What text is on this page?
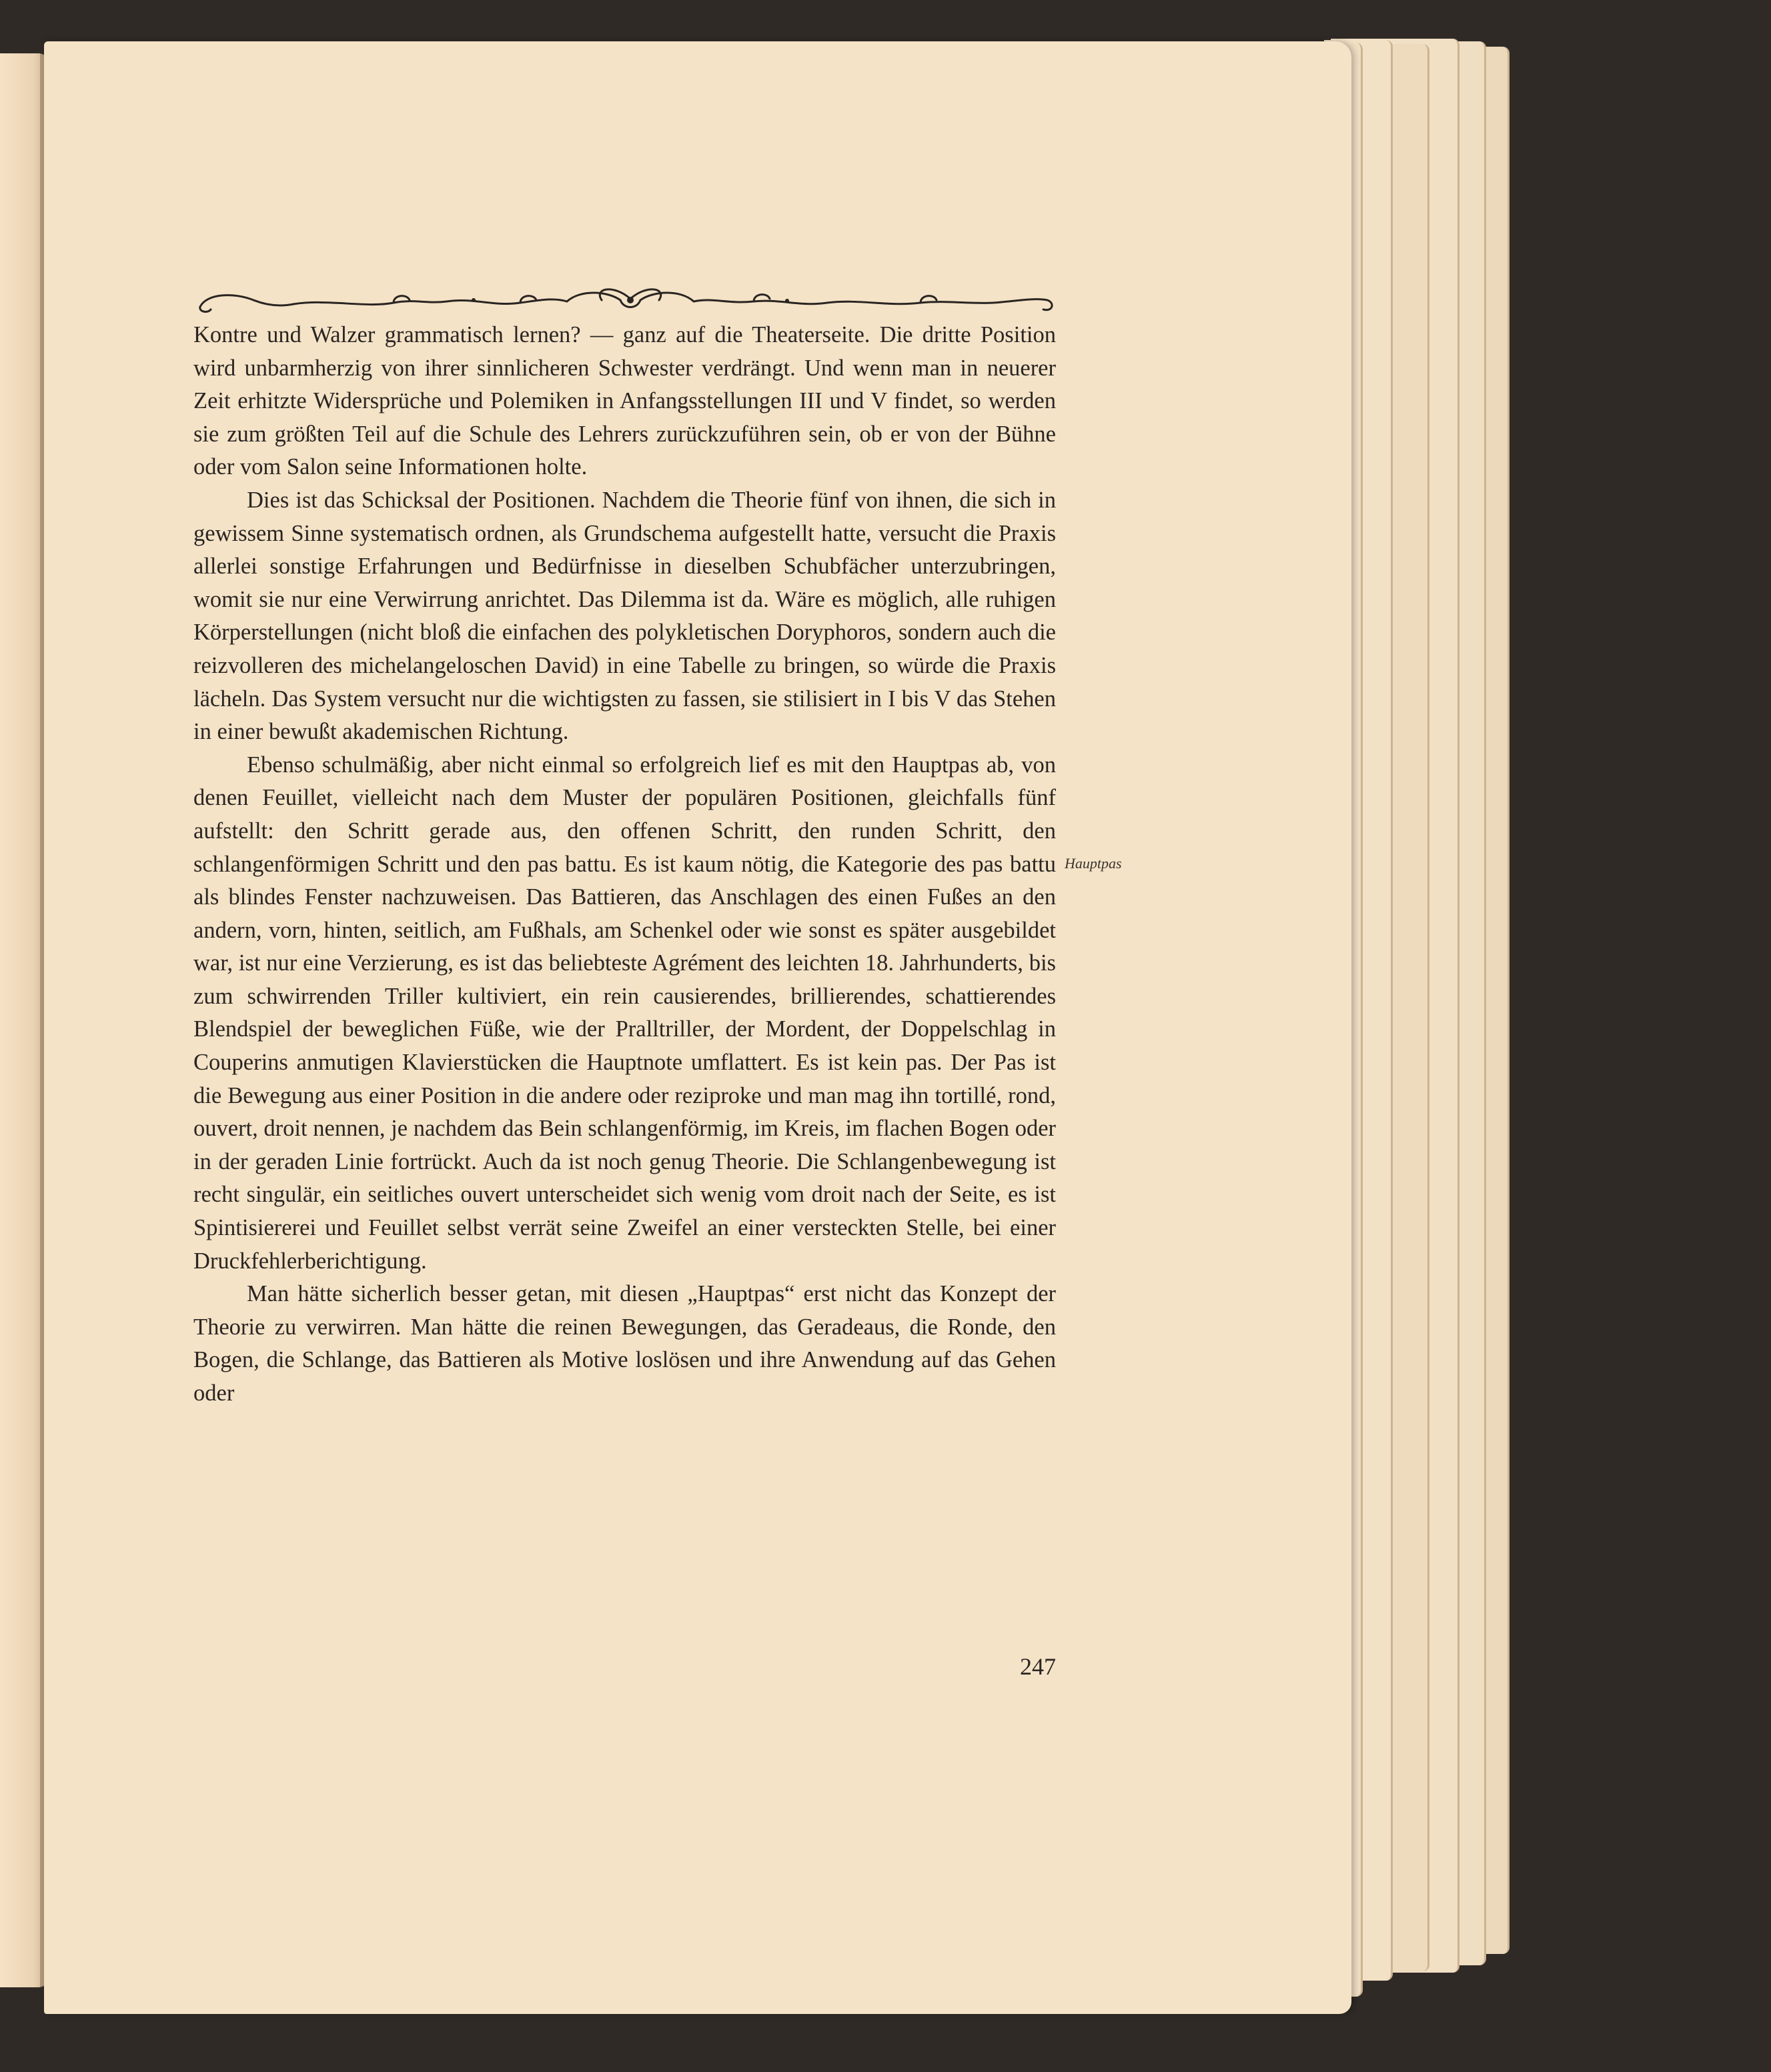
Kontre und Walzer grammatisch lernen? — ganz auf die Theaterseite. Die dritte Position wird unbarmherzig von ihrer sinnlicheren Schwester verdrängt. Und wenn man in neuerer Zeit erhitzte Widersprüche und Polemiken in Anfangsstellungen III und V findet, so werden sie zum größten Teil auf die Schule des Lehrers zurückzuführen sein, ob er von der Bühne oder vom Salon seine Informationen holte.

Dies ist das Schicksal der Positionen. Nachdem die Theorie fünf von ihnen, die sich in gewissem Sinne systematisch ordnen, als Grundschema aufgestellt hatte, versucht die Praxis allerlei sonstige Erfahrungen und Bedürfnisse in dieselben Schubfächer unterzubringen, womit sie nur eine Verwirrung anrichtet. Das Dilemma ist da. Wäre es möglich, alle ruhigen Körperstellungen (nicht bloß die einfachen des polykletischen Doryphoros, sondern auch die reizvolleren des michelangeloschen David) in eine Tabelle zu bringen, so würde die Praxis lächeln. Das System versucht nur die wichtigsten zu fassen, sie stilisiert in I bis V das Stehen in einer bewußt akademischen Richtung.

Ebenso schulmäßig, aber nicht einmal so erfolgreich lief es mit den Hauptpas ab, von denen Feuillet, vielleicht nach dem Muster der populären Positionen, gleichfalls fünf aufstellt: den Schritt gerade aus, den offenen Schritt, den runden Schritt, den schlangenförmigen Schritt und den pas battu. Es ist kaum nötig, die Kategorie des pas battu als blindes Fenster nachzuweisen. Das Battieren, das Anschlagen des einen Fußes an den andern, vorn, hinten, seitlich, am Fußhals, am Schenkel oder wie sonst es später ausgebildet war, ist nur eine Verzierung, es ist das beliebteste Agrément des leichten 18. Jahrhunderts, bis zum schwirrenden Triller kultiviert, ein rein causierendes, brillierendes, schattierendes Blendspiel der beweglichen Füße, wie der Pralltriller, der Mordent, der Doppelschlag in Couperins anmutigen Klavierstücken die Hauptnote umflattert. Es ist kein pas. Der Pas ist die Bewegung aus einer Position in die andere oder reziproke und man mag ihn tortillé, rond, ouvert, droit nennen, je nachdem das Bein schlangenförmig, im Kreis, im flachen Bogen oder in der geraden Linie fortrückt. Auch da ist noch genug Theorie. Die Schlangenbewegung ist recht singulär, ein seitliches ouvert unterscheidet sich wenig vom droit nach der Seite, es ist Spintisiererei und Feuillet selbst verrät seine Zweifel an einer versteckten Stelle, bei einer Druckfehlerberichtigung.

Man hätte sicherlich besser getan, mit diesen „Hauptpas“ erst nicht das Konzept der Theorie zu verwirren. Man hätte die reinen Bewegungen, das Geradeaus, die Ronde, den Bogen, die Schlange, das Battieren als Motive loslösen und ihre Anwendung auf das Gehen oder

Hauptpas
247
